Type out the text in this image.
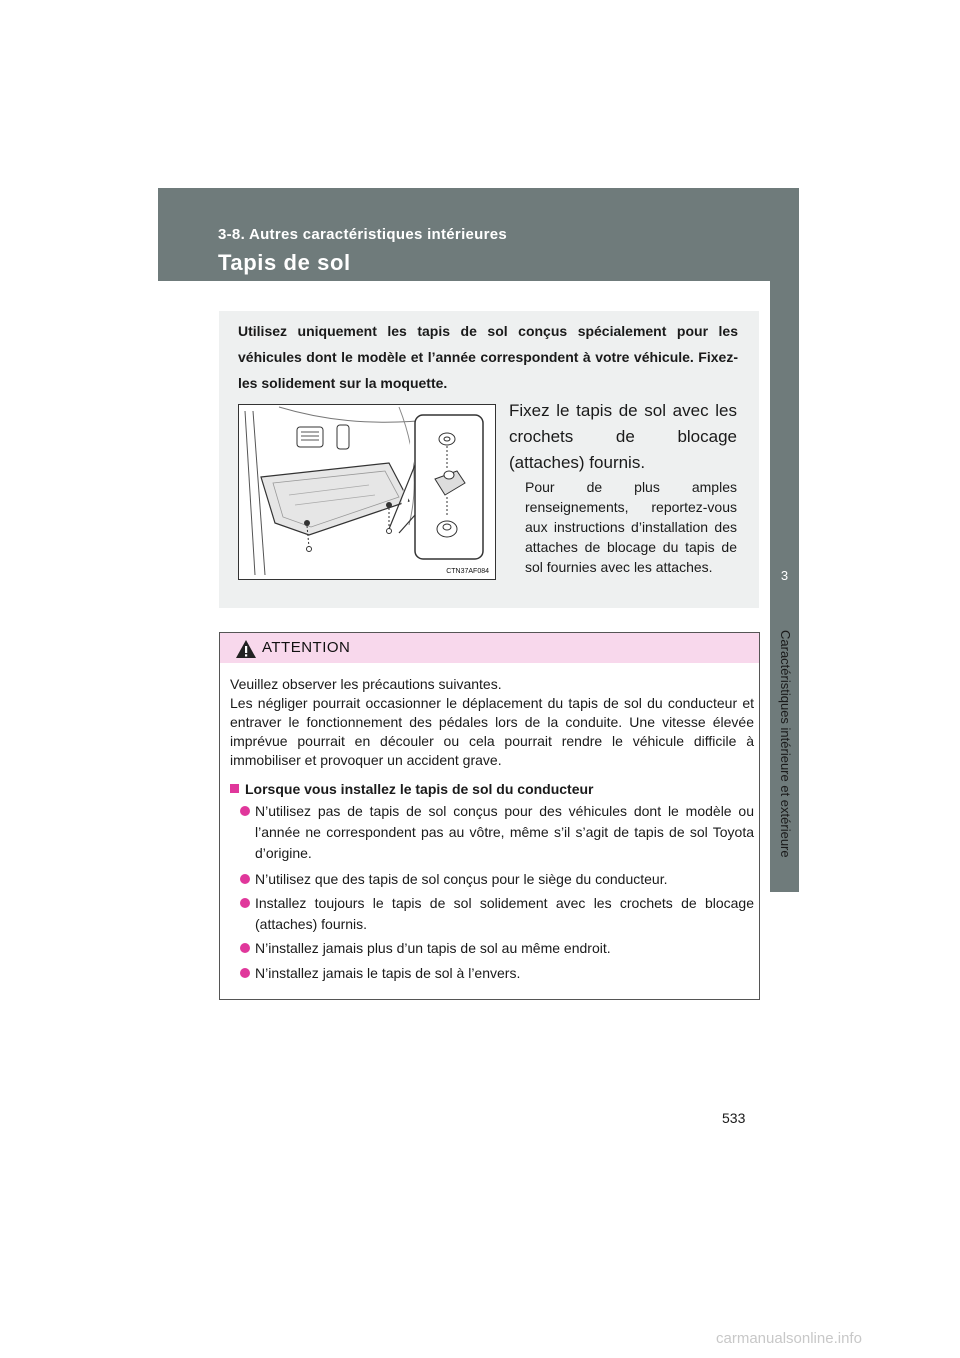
3-8. Autres caractéristiques intérieures
Tapis de sol
3
Caractéristiques intérieure et extérieure
Utilisez uniquement les tapis de sol conçus spécialement pour les véhicules dont le modèle et l’année correspondent à votre véhicule. Fixez-les solidement sur la moquette.
CTN37AF084
Fixez le tapis de sol avec les crochets de blocage (attaches) fournis.
Pour de plus amples renseignements, reportez-vous aux instructions d’installation des attaches de blocage du tapis de sol fournies avec les attaches.
ATTENTION
Veuillez observer les précautions suivantes.
Les négliger pourrait occasionner le déplacement du tapis de sol du conducteur et entraver le fonctionnement des pédales lors de la conduite. Une vitesse élevée imprévue pourrait en découler ou cela pourrait rendre le véhicule difficile à immobiliser et provoquer un accident grave.
Lorsque vous installez le tapis de sol du conducteur
N’utilisez pas de tapis de sol conçus pour des véhicules dont le modèle ou l’année ne correspondent pas au vôtre, même s’il s’agit de tapis de sol Toyota d’origine.
N’utilisez que des tapis de sol conçus pour le siège du conducteur.
Installez toujours le tapis de sol solidement avec les crochets de blocage (attaches) fournis.
N’installez jamais plus d’un tapis de sol au même endroit.
N’installez jamais le tapis de sol à l’envers.
533
carmanualsonline.info
